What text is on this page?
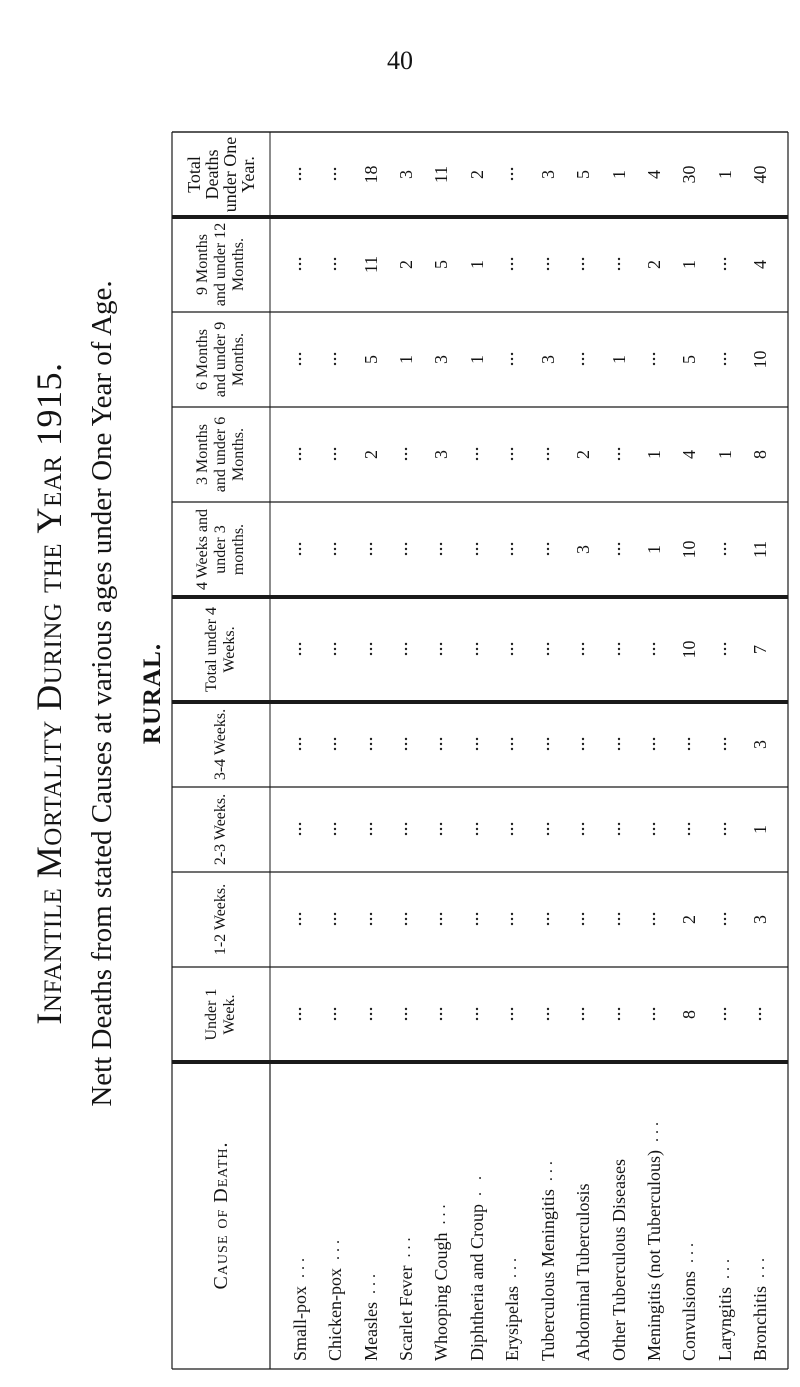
40
Infantile Mortality During the Year 1915. Nett Deaths from stated Causes at various ages under One Year of Age. RURAL.
Cause of Death.
Under 1 Week.
1-2 Weeks.
2-3 Weeks.
3-4 Weeks.
Total under 4 Weeks.
4 Weeks and under 3 months.
3 Months and under 6 Months.
6 Months and under 9 Months.
9 Months and under 12 Months.
Total Deaths under One Year.
Small-pox
...
Chicken-pox
...
Measles
...
2
5
11
18
Scarlet Fever
...
1
2
3
Whooping Cough
...
3
3
5
11
Diphtheria and Croup
. .
1
1
2
Erysipelas
... Tuberculous Meningitis
...
3
3
Abdominal Tuberculosis
3
2
5
Other Tuberculous Diseases
1
1
Meningitis (not Tuberculous)
...
1
1
2
4
Convulsions
...
8
2
10
10
4
5
1
30
Laryngitis
...
1
1
Bronchitis
...
3
1
3
7
11
8
10
4
40
